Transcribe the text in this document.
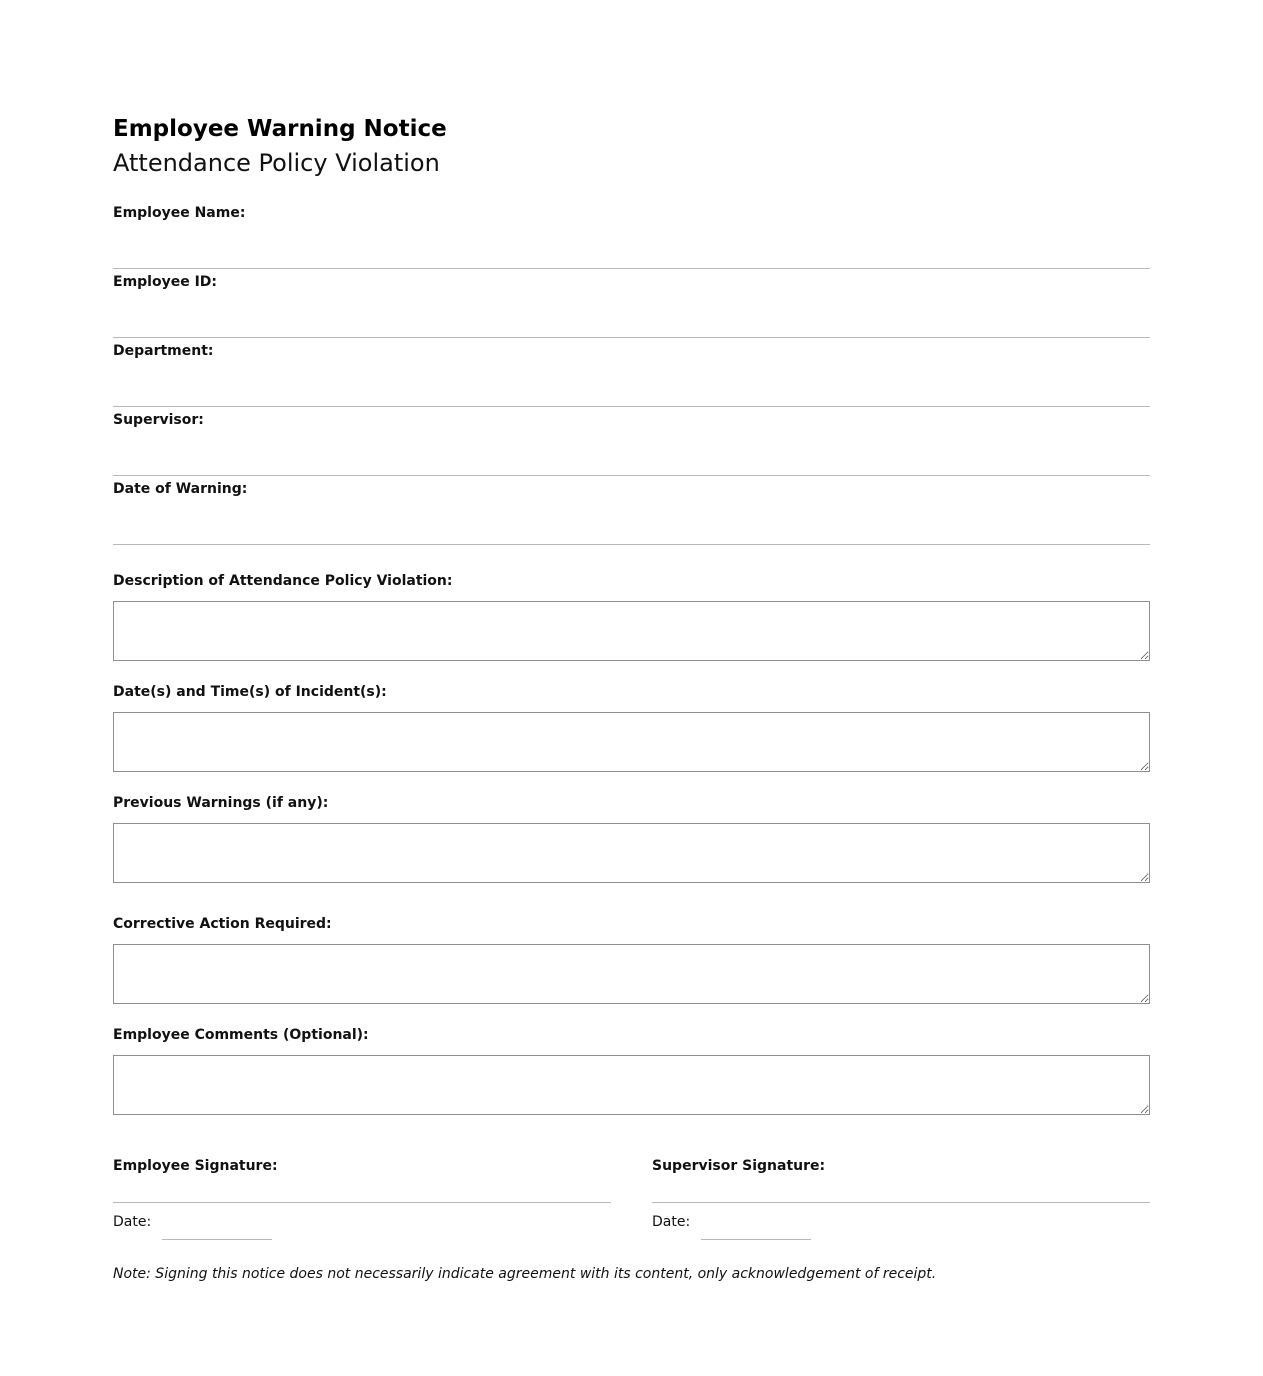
Employee Warning Notice
Attendance Policy Violation
Employee Name:
Employee ID:
Department:
Supervisor:
Date of Warning:
Description of Attendance Policy Violation:
Date(s) and Time(s) of Incident(s):
Previous Warnings (if any):
Corrective Action Required:
Employee Comments (Optional):
Employee Signature:
Date:
Supervisor Signature:
Date:
Note: Signing this notice does not necessarily indicate agreement with its content, only acknowledgement of receipt.
